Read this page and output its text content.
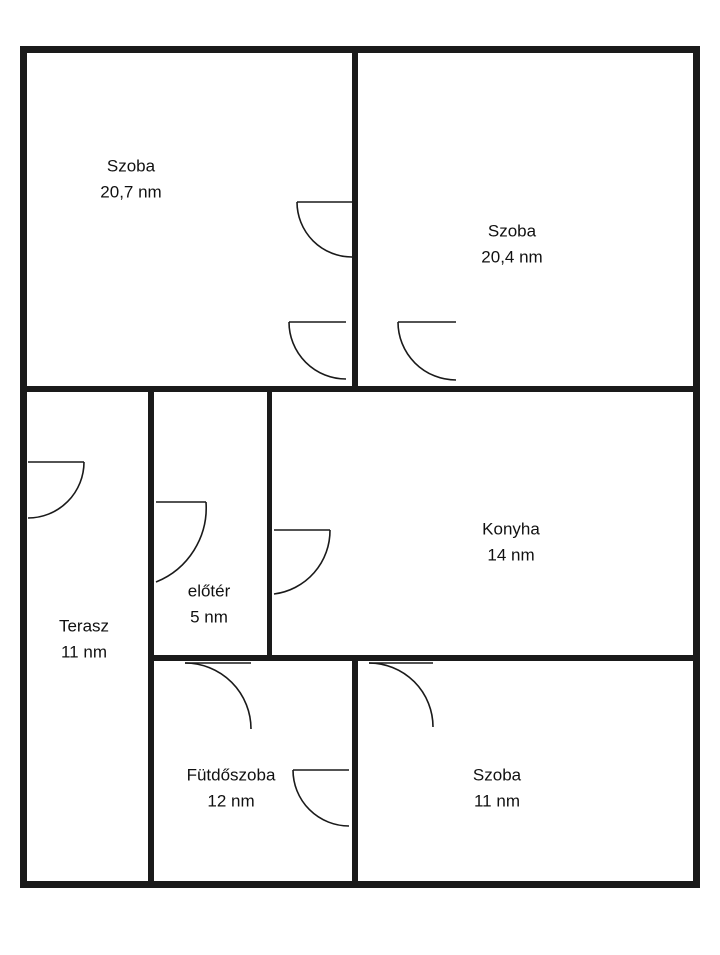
Szoba
20,7 nm
Szoba
20,4 nm
Terasz
11 nm
előtér
5 nm
Konyha
14 nm
Fütdőszoba
12 nm
Szoba
11 nm
